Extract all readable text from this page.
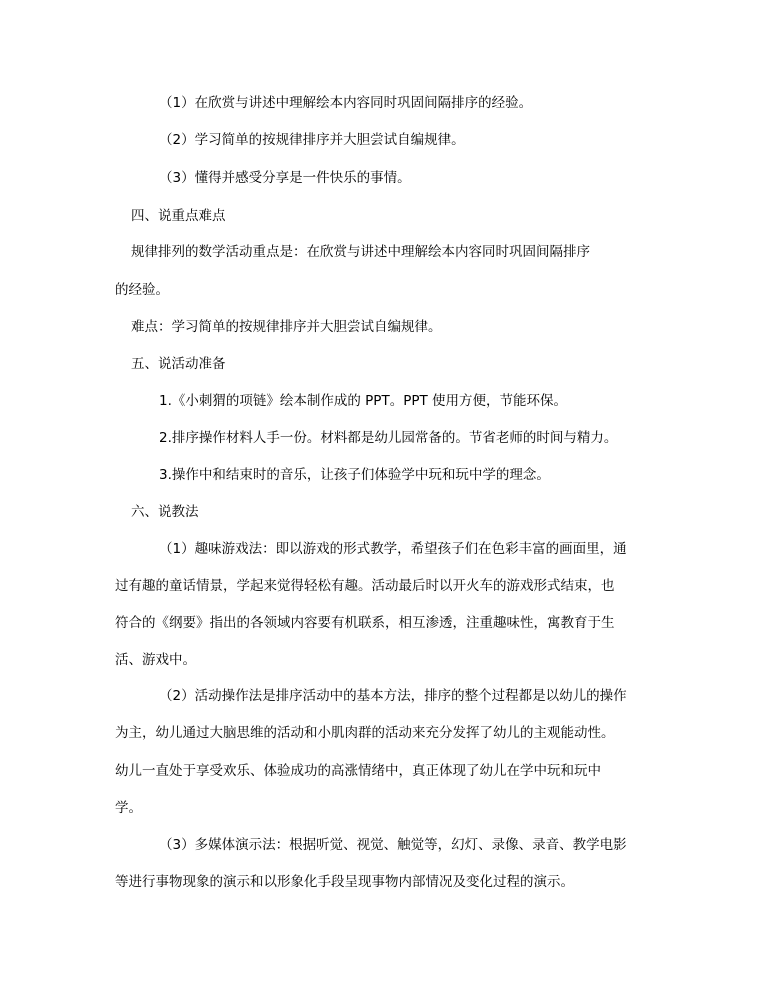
（1）在欣赏与讲述中理解绘本内容同时巩固间隔排序的经验。
（2）学习简单的按规律排序并大胆尝试自编规律。
（3）懂得并感受分享是一件快乐的事情。
四、说重点难点
规律排列的数学活动重点是：在欣赏与讲述中理解绘本内容同时巩固间隔排序
的经验。
难点：学习简单的按规律排序并大胆尝试自编规律。
五、说活动准备
1.《小刺猬的项链》绘本制作成的 PPT。PPT 使用方便，节能环保。
2.排序操作材料人手一份。材料都是幼儿园常备的。节省老师的时间与精力。
3.操作中和结束时的音乐，让孩子们体验学中玩和玩中学的理念。
六、说教法
（1）趣味游戏法：即以游戏的形式教学，希望孩子们在色彩丰富的画面里，通
过有趣的童话情景，学起来觉得轻松有趣。活动最后时以开火车的游戏形式结束，也
符合的《纲要》指出的各领域内容要有机联系，相互渗透，注重趣味性，寓教育于生
活、游戏中。
（2）活动操作法是排序活动中的基本方法，排序的整个过程都是以幼儿的操作
为主，幼儿通过大脑思维的活动和小肌肉群的活动来充分发挥了幼儿的主观能动性。
幼儿一直处于享受欢乐、体验成功的高涨情绪中，真正体现了幼儿在学中玩和玩中
学。
（3）多媒体演示法：根据听觉、视觉、触觉等，幻灯、录像、录音、教学电影
等进行事物现象的演示和以形象化手段呈现事物内部情况及变化过程的演示。
